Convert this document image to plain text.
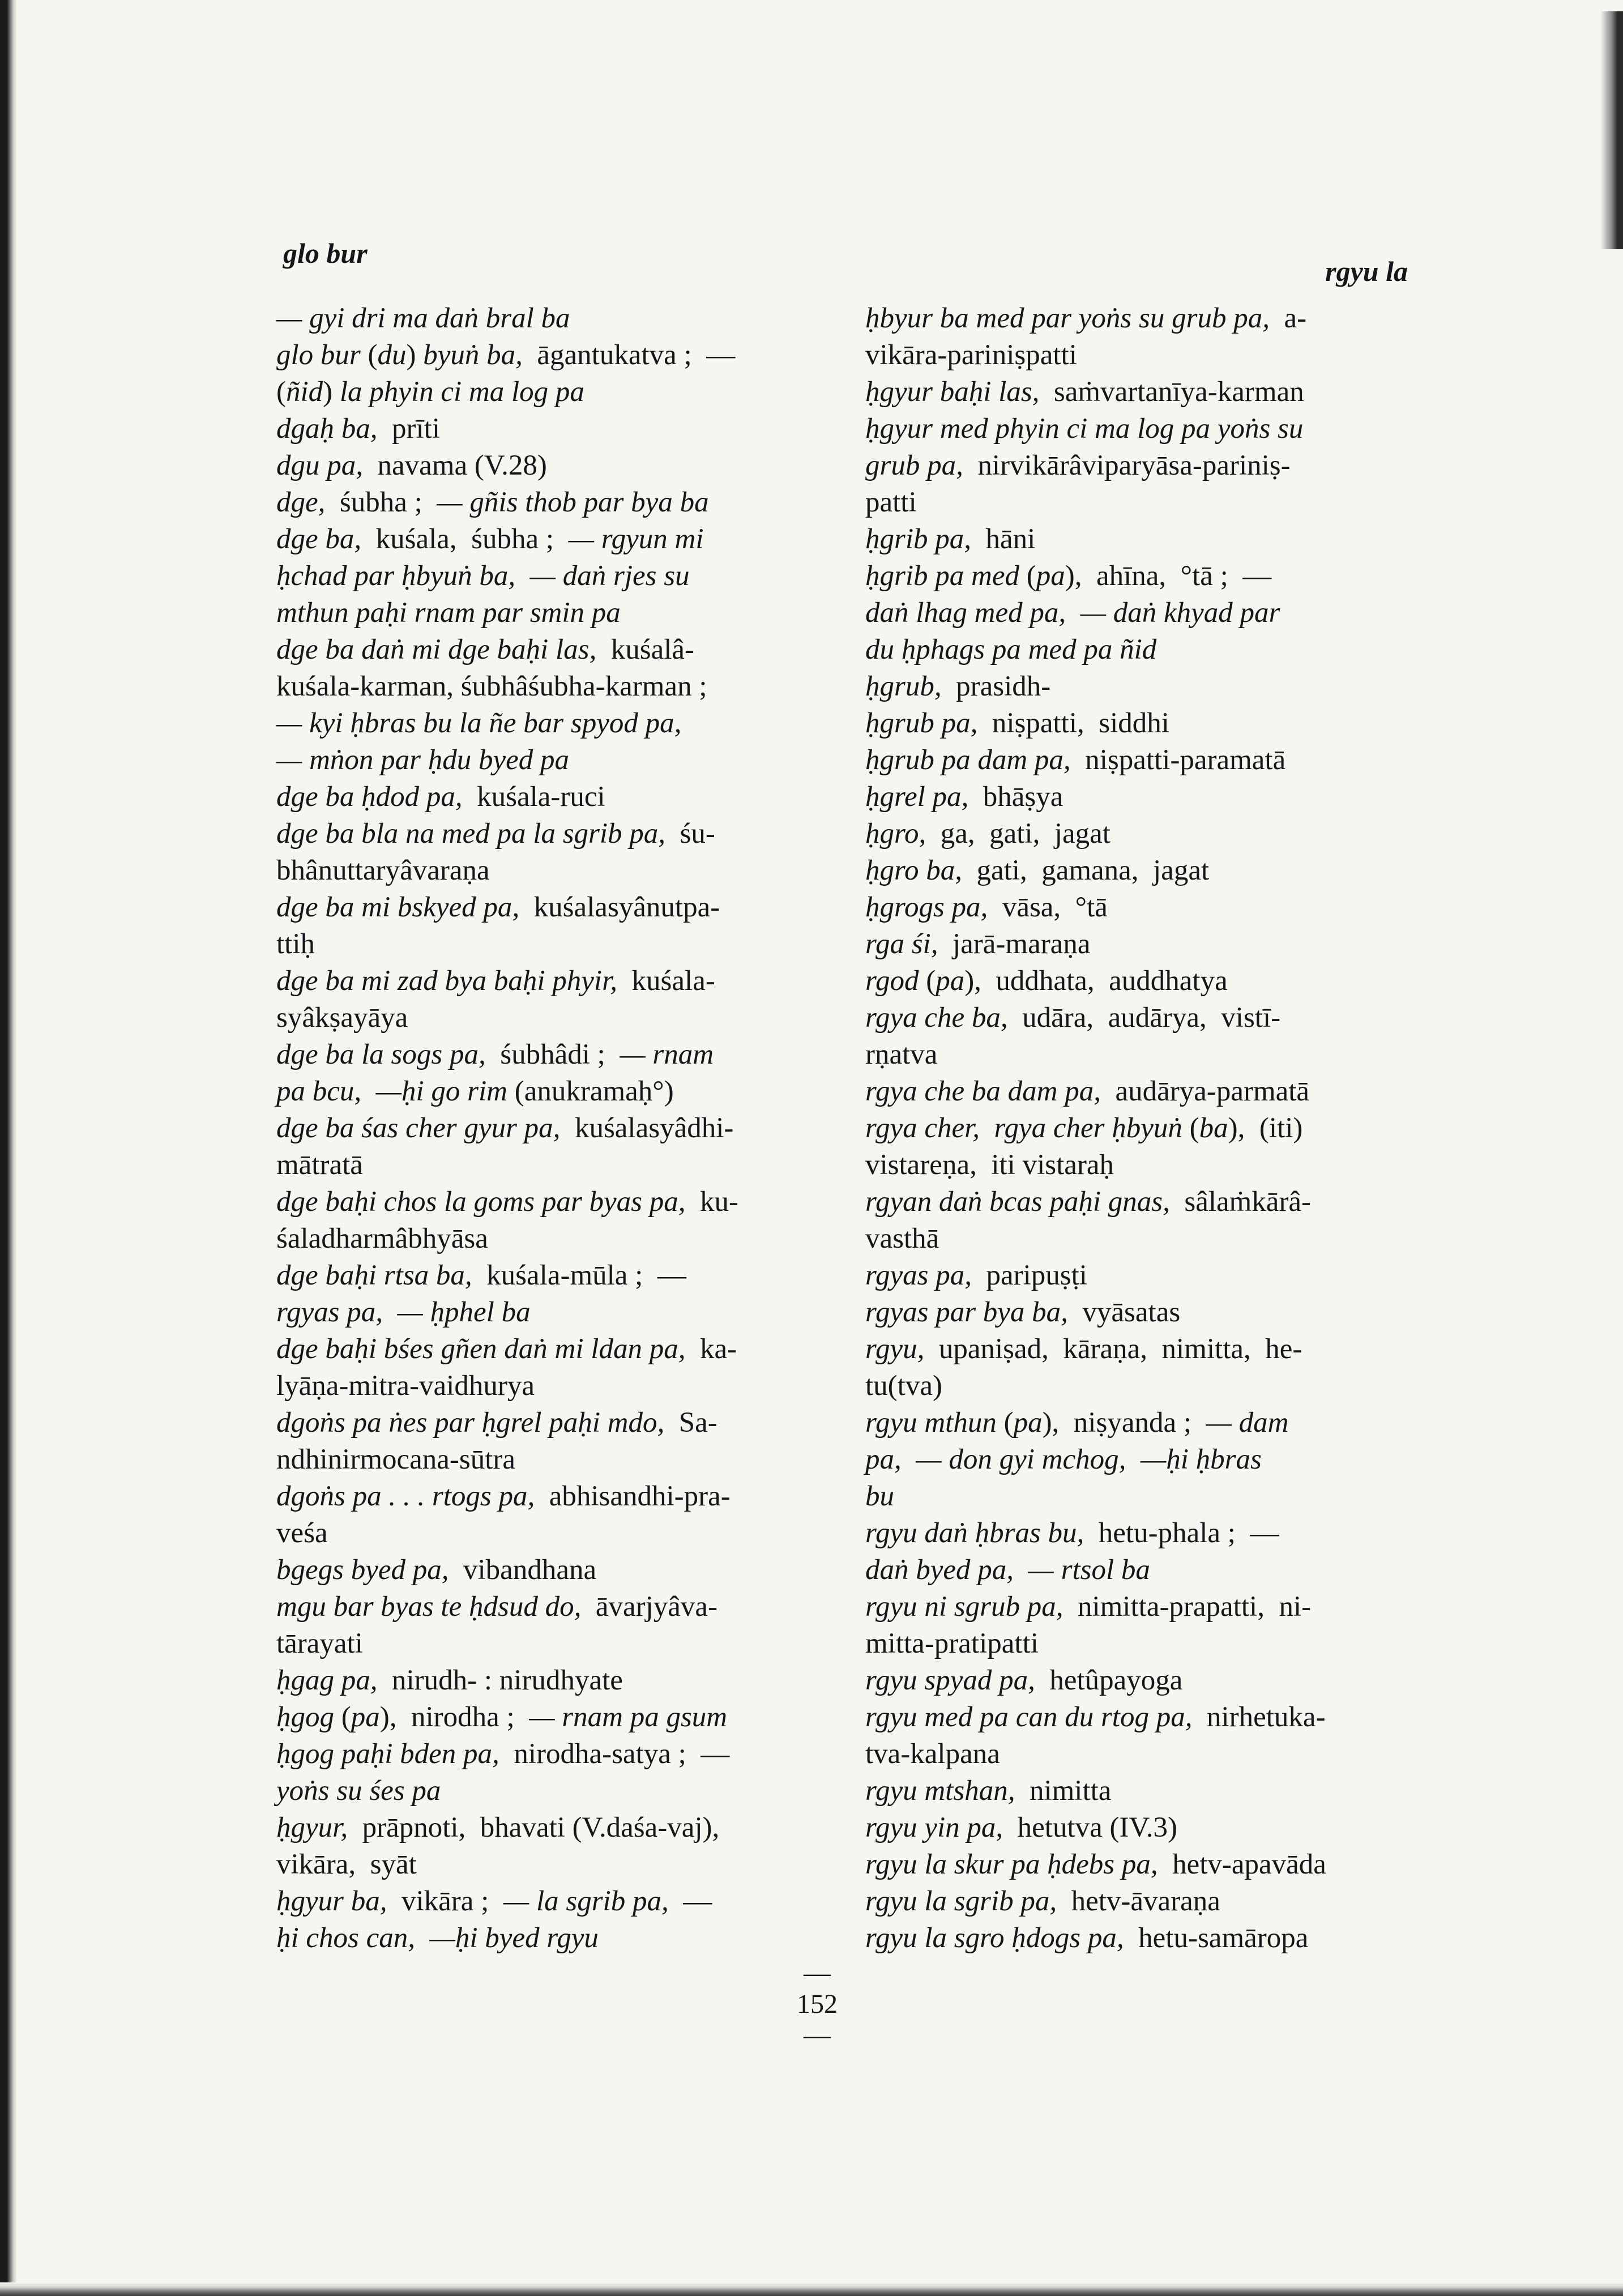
glo bur
rgyu la

— gyi dri ma daṅ bral ba

glo bur (du) byuṅ ba,  āgantukatva ;  —

(ñid) la phyin ci ma log pa

dgaḥ ba,  prīti

dgu pa,  navama (V.28)

dge,  śubha ;  — gñis thob par bya ba

dge ba,  kuśala,  śubha ;  — rgyun mi

ḥchad par ḥbyuṅ ba, — daṅ rjes su

mthun paḥi rnam par smin pa

dge ba daṅ mi dge baḥi las,  kuśalâ-

kuśala-karman, śubhâśubha-karman ;

— kyi ḥbras bu la ñe bar spyod pa,

— mṅon par ḥdu byed pa

dge ba ḥdod pa,  kuśala-ruci

dge ba bla na med pa la sgrib pa,  śu-

bhânuttaryâvaraṇa

dge ba mi bskyed pa,  kuśalasyânutpa-

ttiḥ

dge ba mi zad bya baḥi phyir,  kuśala-

syâkṣayāya

dge ba la sogs pa,  śubhâdi ;  — rnam

pa bcu,  —ḥi go rim (anukramaḥ°)

dge ba śas cher gyur pa,  kuśalasyâdhi-

mātratā

dge baḥi chos la goms par byas pa,  ku-

śaladharmâbhyāsa

dge baḥi rtsa ba,  kuśala-mūla ;  —

rgyas pa,  — ḥphel ba

dge baḥi bśes gñen daṅ mi ldan pa,  ka-

lyāṇa-mitra-vaidhurya

dgoṅs pa ṅes par ḥgrel paḥi mdo,  Sa-

ndhinirmocana-sūtra

dgoṅs pa . . . rtogs pa,  abhisandhi-pra-

veśa

bgegs byed pa,  vibandhana

mgu bar byas te ḥdsud do,  āvarjyâva-

tārayati

ḥgag pa,  nirudh- : nirudhyate

ḥgog (pa),  nirodha ;  — rnam pa gsum

ḥgog paḥi bden pa,  nirodha-satya ;  —

yoṅs su śes pa

ḥgyur,  prāpnoti,  bhavati (V.daśa-vaj),

vikāra,  syāt

ḥgyur ba,  vikāra ;  — la sgrib pa,  —

ḥi chos can,  —ḥi byed rgyu

ḥbyur ba med par yoṅs su grub pa,  a-

vikāra-pariniṣpatti

ḥgyur baḥi las,  saṁvartanīya-karman

ḥgyur med phyin ci ma log pa yoṅs su

grub pa,  nirvikārâviparyāsa-pariniṣ-

patti

ḥgrib pa,  hāni

ḥgrib pa med (pa),  ahīna,  °tā ;  —

daṅ lhag med pa,  — daṅ khyad par

du ḥphags pa med pa ñid

ḥgrub,  prasidh-

ḥgrub pa,  niṣpatti,  siddhi

ḥgrub pa dam pa,  niṣpatti-paramatā

ḥgrel pa,  bhāṣya

ḥgro,  ga,  gati,  jagat

ḥgro ba,  gati,  gamana,  jagat

ḥgrogs pa,  vāsa,  °tā

rga śi,  jarā-maraṇa

rgod (pa),  uddhata,  auddhatya

rgya che ba,  udāra,  audārya,  vistī-

rṇatva

rgya che ba dam pa,  audārya-parmatā

rgya cher,  rgya cher ḥbyuṅ (ba),  (iti)

vistareṇa,  iti vistaraḥ

rgyan daṅ bcas paḥi gnas,  sâlaṁkārâ-

vasthā

rgyas pa,  paripuṣṭi

rgyas par bya ba,  vyāsatas

rgyu,  upaniṣad,  kāraṇa,  nimitta,  he-

tu(tva)

rgyu mthun (pa),  niṣyanda ;  — dam

pa,  — don gyi mchog,  —ḥi ḥbras

bu

rgyu daṅ ḥbras bu,  hetu-phala ;  —

daṅ byed pa,  — rtsol ba

rgyu ni sgrub pa,  nimitta-prapatti,  ni-

mitta-pratipatti

rgyu spyad pa,  hetûpayoga

rgyu med pa can du rtog pa,  nirhetuka-

tva-kalpana

rgyu mtshan,  nimitta

rgyu yin pa,  hetutva (IV.3)

rgyu la skur pa ḥdebs pa,  hetv-apavāda

rgyu la sgrib pa,  hetv-āvaraṇa

rgyu la sgro ḥdogs pa,  hetu-samāropa

— 152 —
